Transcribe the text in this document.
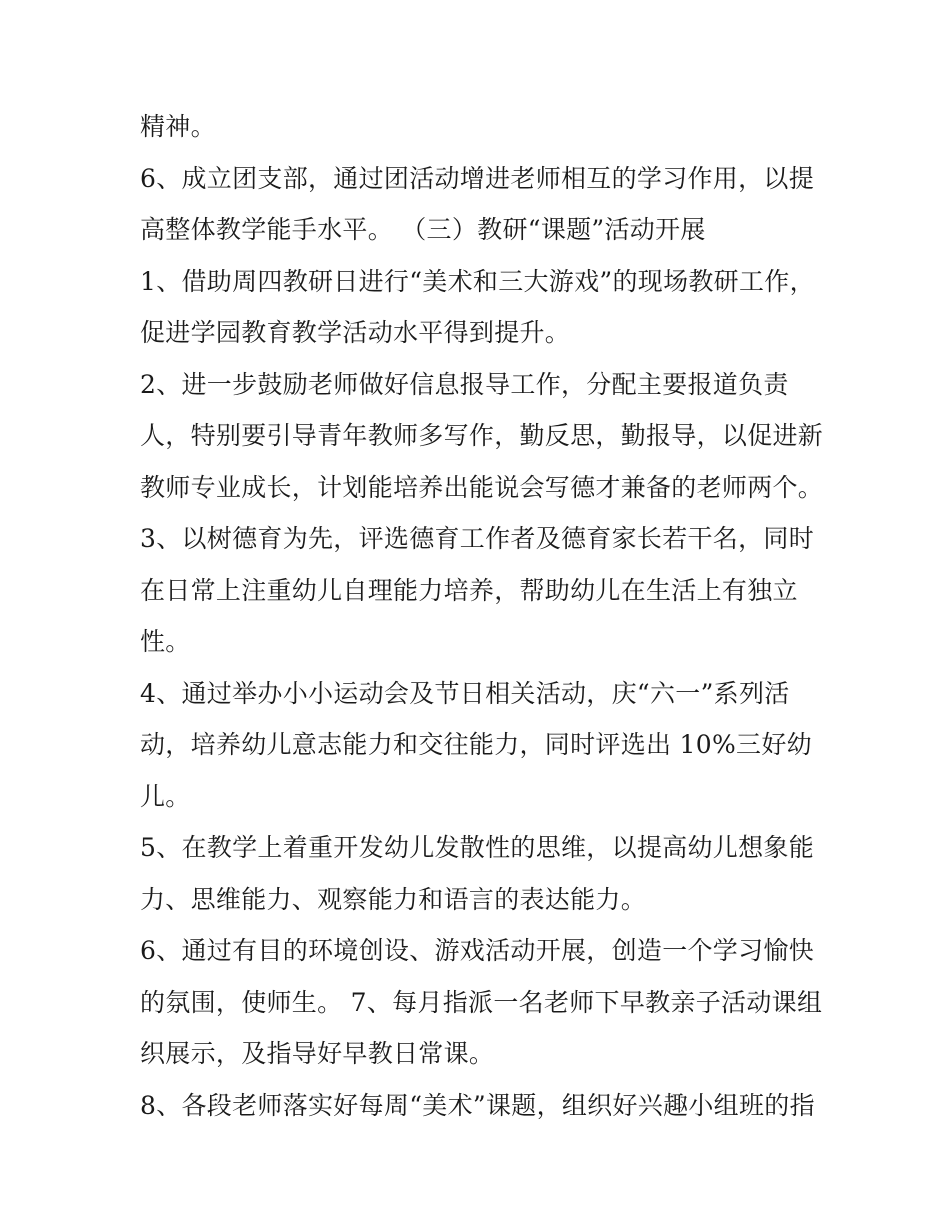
精神。
6、成立团支部，通过团活动增进老师相互的学习作用，以提
高整体教学能手水平。 （三）教研“课题”活动开展
1、借助周四教研日进行“美术和三大游戏”的现场教研工作，
促进学园教育教学活动水平得到提升。
2、进一步鼓励老师做好信息报导工作，分配主要报道负责
人，特别要引导青年教师多写作，勤反思，勤报导，以促进新
教师专业成长，计划能培养出能说会写德才兼备的老师两个。
3、以树德育为先，评选德育工作者及德育家长若干名，同时
在日常上注重幼儿自理能力培养，帮助幼儿在生活上有独立
性。
4、通过举办小小运动会及节日相关活动，庆“六一”系列活
动，培养幼儿意志能力和交往能力，同时评选出 10%三好幼
儿。
5、在教学上着重开发幼儿发散性的思维，以提高幼儿想象能
力、思维能力、观察能力和语言的表达能力。
6、通过有目的环境创设、游戏活动开展，创造一个学习愉快
的氛围，使师生。 7、每月指派一名老师下早教亲子活动课组
织展示，及指导好早教日常课。
8、各段老师落实好每周“美术”课题，组织好兴趣小组班的指
